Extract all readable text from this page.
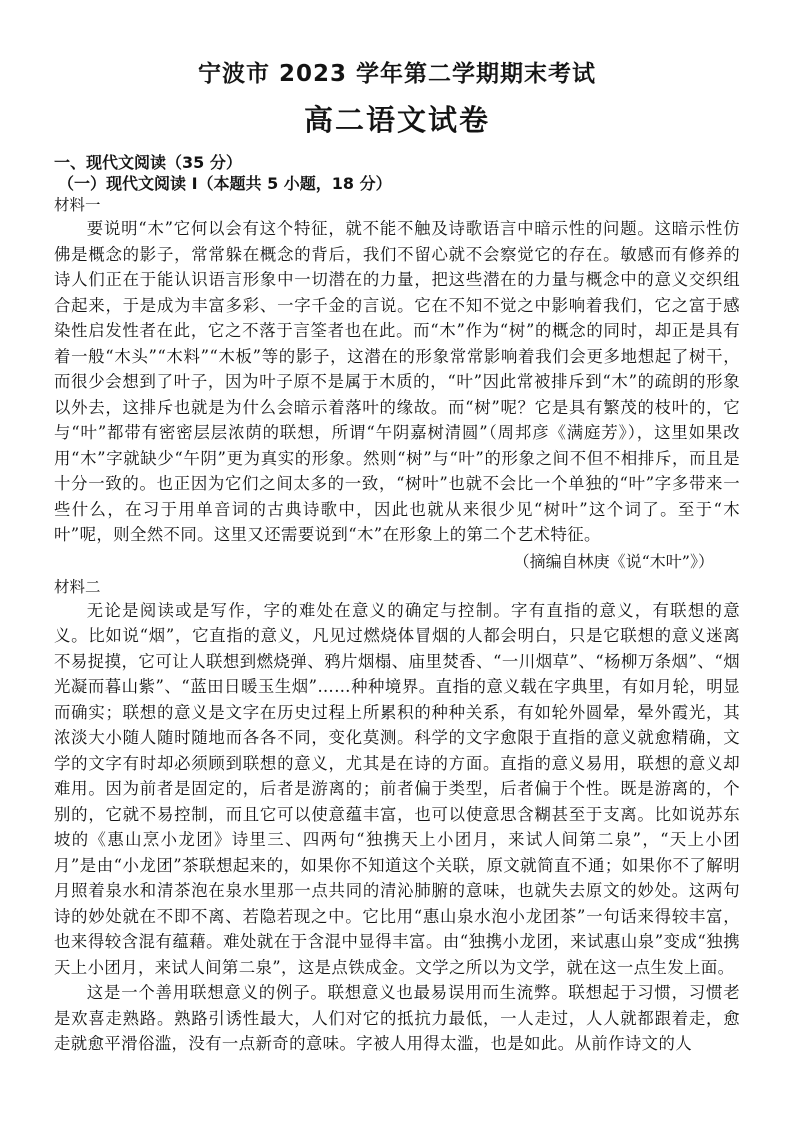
宁波市 2023 学年第二学期期末考试
高二语文试卷

一、现代文阅读（35 分）

（一）现代文阅读 I（本题共 5 小题，18 分）

材料一

要说明“木”它何以会有这个特征，就不能不触及诗歌语言中暗示性的问题。这暗示性仿佛是概念的影子，常常躲在概念的背后，我们不留心就不会察觉它的存在。敏感而有修养的诗人们正在于能认识语言形象中一切潜在的力量，把这些潜在的力量与概念中的意义交织组合起来，于是成为丰富多彩、一字千金的言说。它在不知不觉之中影响着我们，它之富于感染性启发性者在此，它之不落于言筌者也在此。而“木”作为“树”的概念的同时，却正是具有着一般“木头”“木料”“木板”等的影子，这潜在的形象常常影响着我们会更多地想起了树干，而很少会想到了叶子，因为叶子原不是属于木质的，“叶”因此常被排斥到“木”的疏朗的形象以外去，这排斥也就是为什么会暗示着落叶的缘故。而“树”呢？它是具有繁茂的枝叶的，它与“叶”都带有密密层层浓荫的联想，所谓“午阴嘉树清圆”（周邦彦《满庭芳》），这里如果改用“木”字就缺少“午阴”更为真实的形象。然则“树”与“叶”的形象之间不但不相排斥，而且是十分一致的。也正因为它们之间太多的一致，“树叶”也就不会比一个单独的“叶”字多带来一些什么，在习于用单音词的古典诗歌中，因此也就从来很少见“树叶”这个词了。至于“木叶”呢，则全然不同。这里又还需要说到“木”在形象上的第二个艺术特征。

（摘编自林庚《说“木叶”》）

材料二

无论是阅读或是写作，字的难处在意义的确定与控制。字有直指的意义，有联想的意义。比如说“烟”，它直指的意义，凡见过燃烧体冒烟的人都会明白，只是它联想的意义迷离不易捉摸，它可让人联想到燃烧弹、鸦片烟榻、庙里焚香、“一川烟草”、“杨柳万条烟”、“烟光凝而暮山紫”、“蓝田日暖玉生烟”……种种境界。直指的意义载在字典里，有如月轮，明显而确实；联想的意义是文字在历史过程上所累积的种种关系，有如轮外圆晕，晕外霞光，其浓淡大小随人随时随地而各各不同，变化莫测。科学的文字愈限于直指的意义就愈精确，文学的文字有时却必须顾到联想的意义，尤其是在诗的方面。直指的意义易用，联想的意义却难用。因为前者是固定的，后者是游离的；前者偏于类型，后者偏于个性。既是游离的，个别的，它就不易控制，而且它可以使意蕴丰富，也可以使意思含糊甚至于支离。比如说苏东坡的《惠山烹小龙团》诗里三、四两句“独携天上小团月，来试人间第二泉”，“天上小团月”是由“小龙团”茶联想起来的，如果你不知道这个关联，原文就简直不通；如果你不了解明月照着泉水和清茶泡在泉水里那一点共同的清沁肺腑的意味，也就失去原文的妙处。这两句诗的妙处就在不即不离、若隐若现之中。它比用“惠山泉水泡小龙团茶”一句话来得较丰富，也来得较含混有蕴藉。难处就在于含混中显得丰富。由“独携小龙团，来试惠山泉”变成“独携天上小团月，来试人间第二泉”，这是点铁成金。文学之所以为文学，就在这一点生发上面。

这是一个善用联想意义的例子。联想意义也最易误用而生流弊。联想起于习惯，习惯老是欢喜走熟路。熟路引诱性最大，人们对它的抵抗力最低，一人走过，人人就都跟着走，愈走就愈平滑俗滥，没有一点新奇的意味。字被人用得太滥，也是如此。从前作诗文的人
